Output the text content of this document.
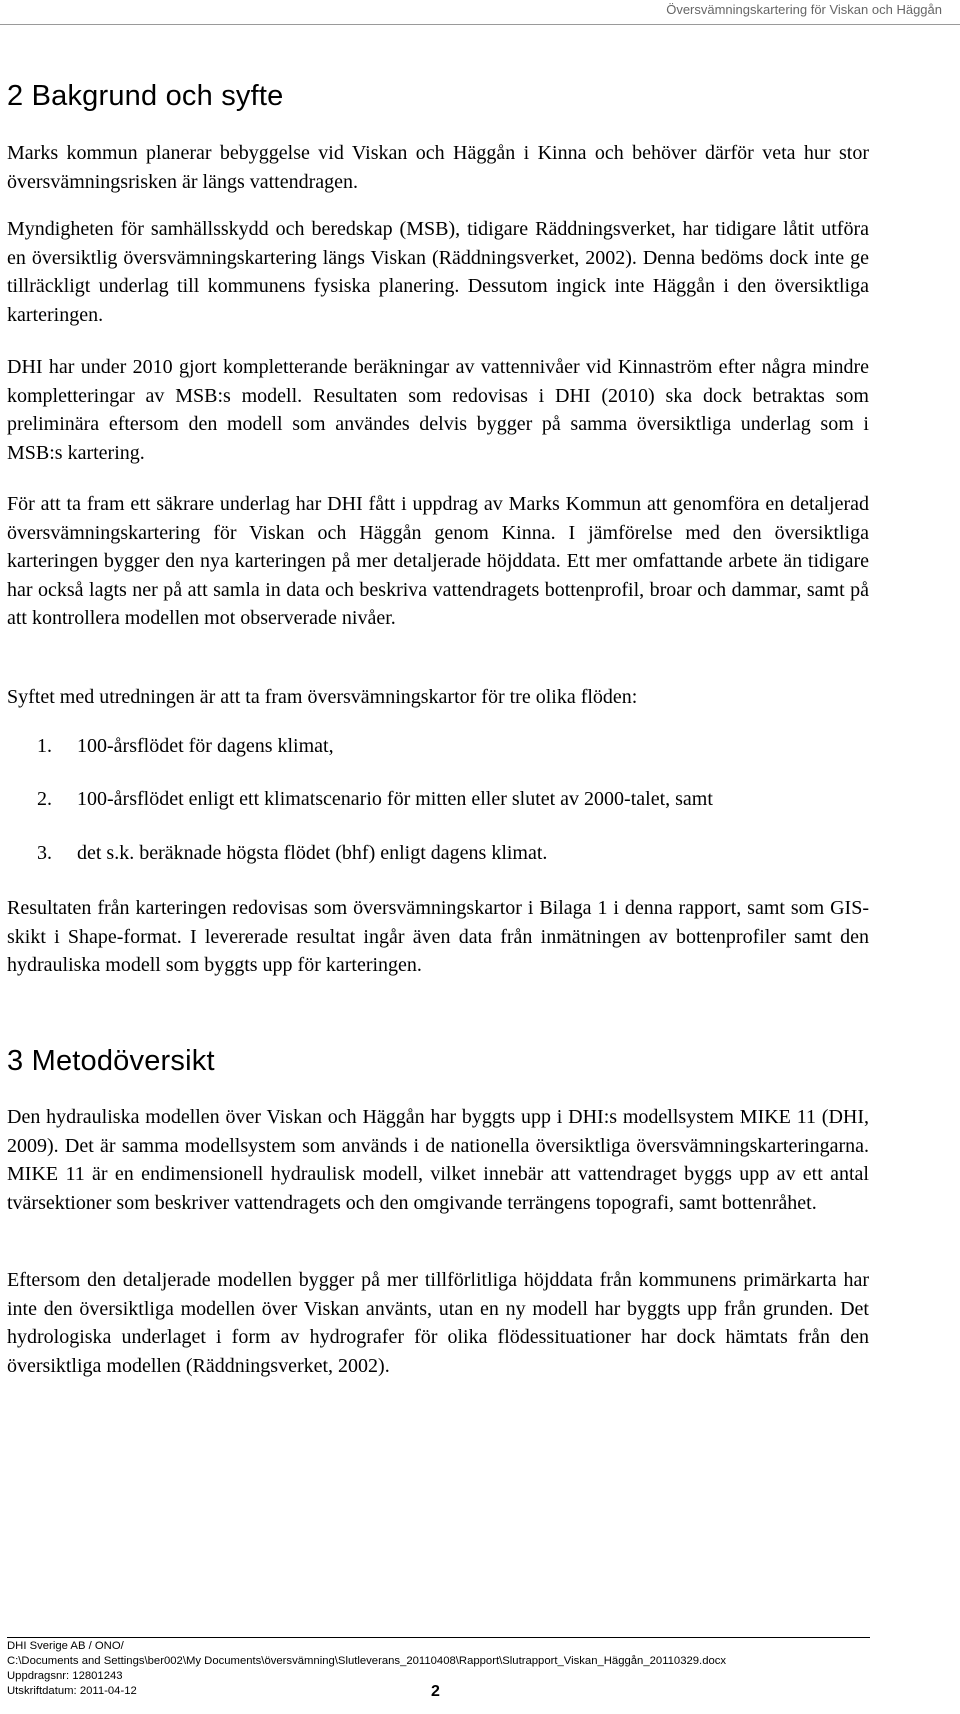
Översvämningskartering för Viskan och Häggån
2 Bakgrund och syfte

Marks kommun planerar bebyggelse vid Viskan och Häggån i Kinna och behöver därför veta hur stor översvämningsrisken är längs vattendragen.

Myndigheten för samhällsskydd och beredskap (MSB), tidigare Räddningsverket, har tidigare låtit utföra en översiktlig översvämningskartering längs Viskan (Räddningsverket, 2002). Denna bedöms dock inte ge tillräckligt underlag till kommunens fysiska planering. Dessutom ingick inte Häggån i den översiktliga karteringen.

DHI har under 2010 gjort kompletterande beräkningar av vattennivåer vid Kinnaström efter några mindre kompletteringar av MSB:s modell. Resultaten som redovisas i DHI (2010) ska dock betraktas som preliminära eftersom den modell som användes delvis bygger på samma översiktliga underlag som i MSB:s kartering.

För att ta fram ett säkrare underlag har DHI fått i uppdrag av Marks Kommun att genomföra en detaljerad översvämningskartering för Viskan och Häggån genom Kinna. I jämförelse med den översiktliga karteringen bygger den nya karteringen på mer detaljerade höjddata. Ett mer omfattande arbete än tidigare har också lagts ner på att samla in data och beskriva vattendragets bottenprofil, broar och dammar, samt på att kontrollera modellen mot observerade nivåer.

Syftet med utredningen är att ta fram översvämningskartor för tre olika flöden:

1. 100-årsflödet för dagens klimat,
2. 100-årsflödet enligt ett klimatscenario för mitten eller slutet av 2000-talet, samt
3. det s.k. beräknade högsta flödet (bhf) enligt dagens klimat.

Resultaten från karteringen redovisas som översvämningskartor i Bilaga 1 i denna rapport, samt som GIS-skikt i Shape-format. I levererade resultat ingår även data från inmätningen av bottenprofiler samt den hydrauliska modell som byggts upp för karteringen.

3 Metodöversikt

Den hydrauliska modellen över Viskan och Häggån har byggts upp i DHI:s modellsystem MIKE 11 (DHI, 2009). Det är samma modellsystem som används i de nationella översiktliga översvämningskarteringarna. MIKE 11 är en endimensionell hydraulisk modell, vilket innebär att vattendraget byggs upp av ett antal tvärsektioner som beskriver vattendragets och den omgivande terrängens topografi, samt bottenråhet.

Eftersom den detaljerade modellen bygger på mer tillförlitliga höjddata från kommunens primärkarta har inte den översiktliga modellen över Viskan använts, utan en ny modell har byggts upp från grunden. Det hydrologiska underlaget i form av hydrografer för olika flödessituationer har dock hämtats från den översiktliga modellen (Räddningsverket, 2002).

DHI Sverige AB / ONO/
C:\Documents and Settings\ber002\My Documents\översvämning\Slutleverans_20110408\Rapport\Slutrapport_Viskan_Häggån_20110329.docx
Uppdragsnr: 12801243
Utskriftdatum: 2011-04-12	2
